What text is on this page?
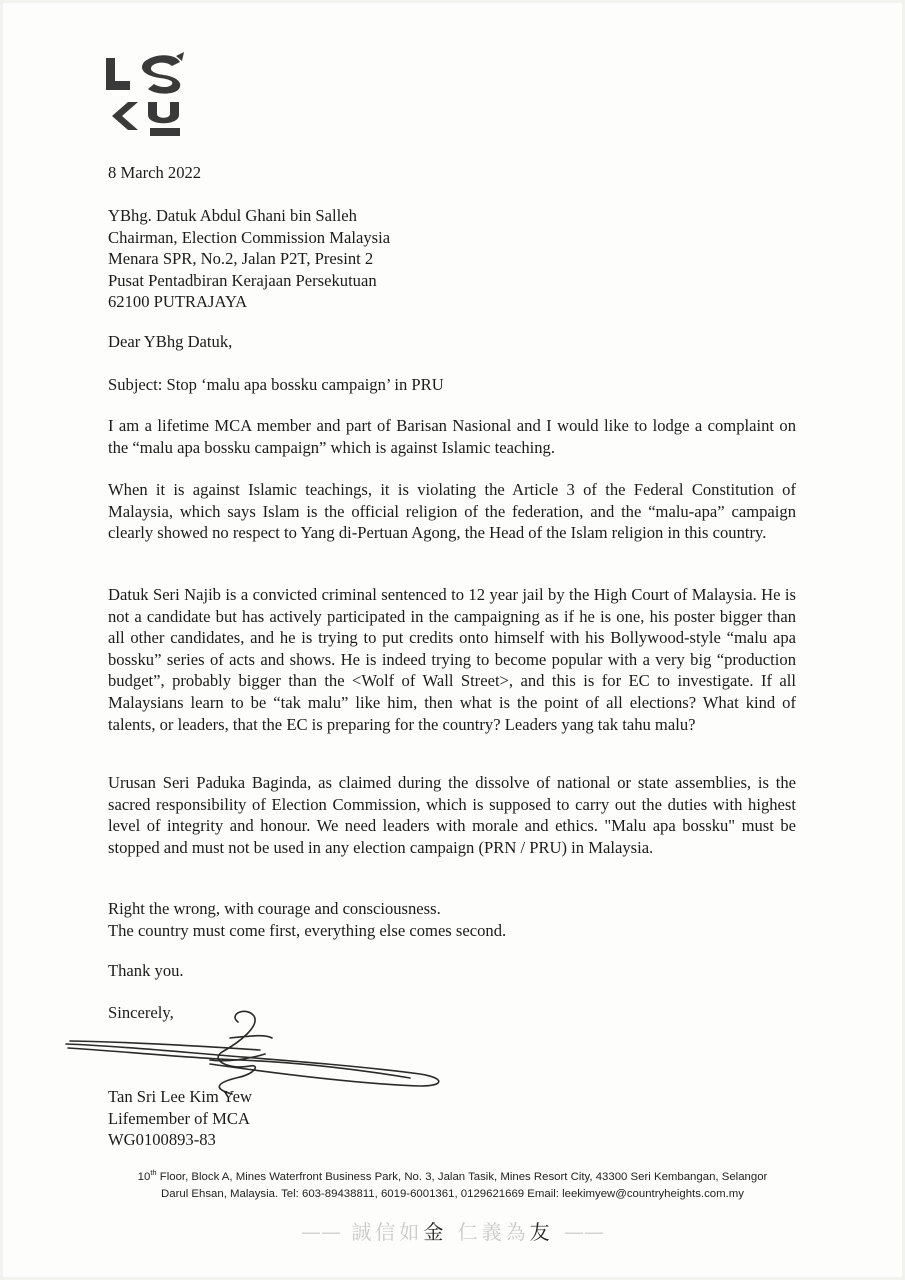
8 March 2022
YBhg. Datuk Abdul Ghani bin Salleh
Chairman, Election Commission Malaysia
Menara SPR, No.2, Jalan P2T, Presint 2
Pusat Pentadbiran Kerajaan Persekutuan
62100 PUTRAJAYA
Dear YBhg Datuk,
Subject: Stop ‘malu apa bossku campaign’ in PRU

I am a lifetime MCA member and part of Barisan Nasional and I would like to lodge a complaint on the “malu apa bossku campaign” which is against Islamic teaching.

When it is against Islamic teachings, it is violating the Article 3 of the Federal Constitution of Malaysia, which says Islam is the official religion of the federation, and the “malu-apa” campaign clearly showed no respect to Yang di-Pertuan Agong, the Head of the Islam religion in this country.

Datuk Seri Najib is a convicted criminal sentenced to 12 year jail by the High Court of Malaysia. He is not a candidate but has actively participated in the campaigning as if he is one, his poster bigger than all other candidates, and he is trying to put credits onto himself with his Bollywood-style “malu apa bossku” series of acts and shows. He is indeed trying to become popular with a very big “production budget”, probably bigger than the <Wolf of Wall Street>, and this is for EC to investigate. If all Malaysians learn to be “tak malu” like him, then what is the point of all elections? What kind of talents, or leaders, that the EC is preparing for the country? Leaders yang tak tahu malu?

Urusan Seri Paduka Baginda, as claimed during the dissolve of national or state assemblies, is the sacred responsibility of Election Commission, which is supposed to carry out the duties with highest level of integrity and honour. We need leaders with morale and ethics. "Malu apa bossku" must be stopped and must not be used in any election campaign (PRN / PRU) in Malaysia.

Right the wrong, with courage and consciousness.
The country must come first, everything else comes second.
Thank you.
Sincerely,
Tan Sri Lee Kim Yew
Lifemember of MCA
WG0100893-83
10th Floor, Block A, Mines Waterfront Business Park, No. 3, Jalan Tasik, Mines Resort City, 43300 Seri Kembangan, Selangor
Darul Ehsan, Malaysia. Tel: 603-89438811, 6019-6001361, 0129621669 Email: leekimyew@countryheights.com.my
—— 誠信如金 仁義為友 ——
